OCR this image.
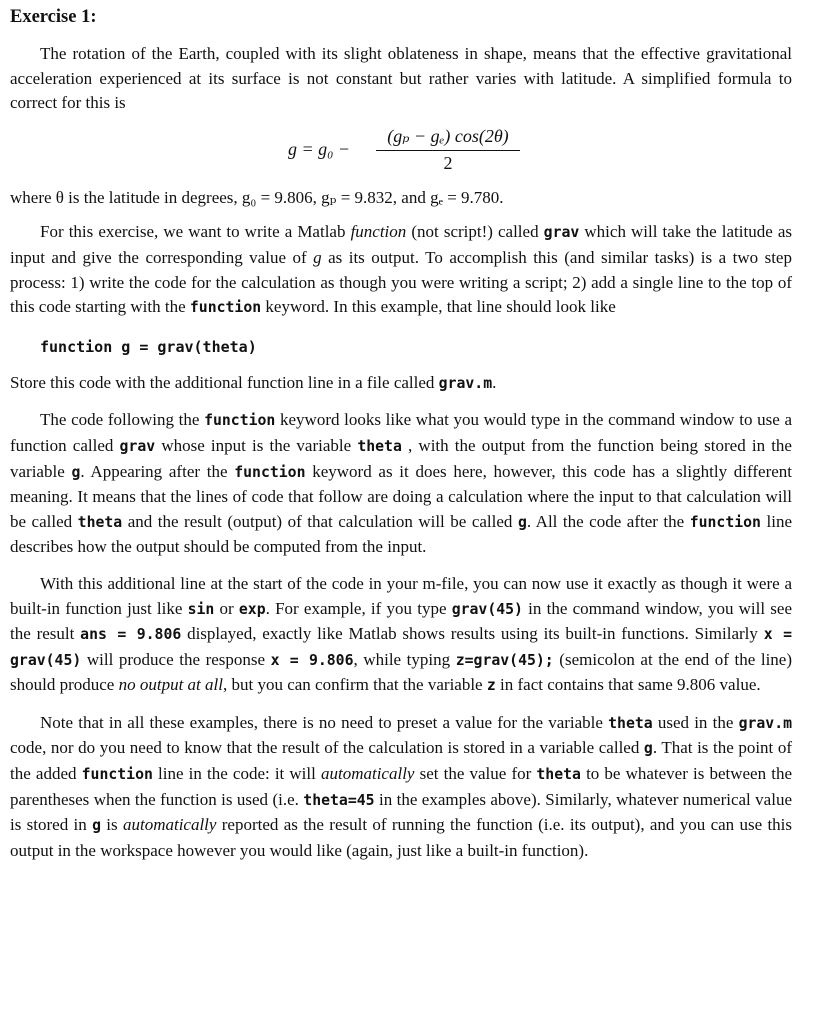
Exercise 1:

The rotation of the Earth, coupled with its slight oblateness in shape, means that the effective gravitational acceleration experienced at its surface is not constant but rather varies with latitude. A simplified formula to correct for this is

$g = g_0 - \frac{\text{(gₚ − gₑ) cos(2θ)}}{2}$

where θ is the latitude in degrees, g₀ = 9.806, gₚ = 9.832, and gₑ = 9.780.

For this exercise, we want to write a Matlab function (not script!) called grav which will take the latitude as input and give the corresponding value of g as its output. To accomplish this (and similar tasks) is a two step process: 1) write the code for the calculation as though you were writing a script; 2) add a single line to the top of this code starting with the function keyword. In this example, that line should look like

function g = grav(theta)

Store this code with the additional function line in a file called grav.m.

The code following the function keyword looks like what you would type in the command window to use a function called grav whose input is the variable theta , with the output from the function being stored in the variable g. Appearing after the function keyword as it does here, however, this code has a slightly different meaning. It means that the lines of code that follow are doing a calculation where the input to that calculation will be called theta and the result (output) of that calculation will be called g. All the code after the function line describes how the output should be computed from the input.

With this additional line at the start of the code in your m-file, you can now use it exactly as though it were a built-in function just like sin or exp. For example, if you type grav(45) in the command window, you will see the result ans = 9.806 displayed, exactly like Matlab shows results using its built-in functions. Similarly x = grav(45) will produce the response x = 9.806, while typing z=grav(45); (semicolon at the end of the line) should produce no output at all, but you can confirm that the variable z in fact contains that same 9.806 value.

Note that in all these examples, there is no need to preset a value for the variable theta used in the grav.m code, nor do you need to know that the result of the calculation is stored in a variable called g. That is the point of the added function line in the code: it will automatically set the value for theta to be whatever is between the parentheses when the function is used (i.e. theta=45 in the examples above). Similarly, whatever numerical value is stored in g is automatically reported as the result of running the function (i.e. its output), and you can use this output in the workspace however you would like (again, just like a built-in function).
